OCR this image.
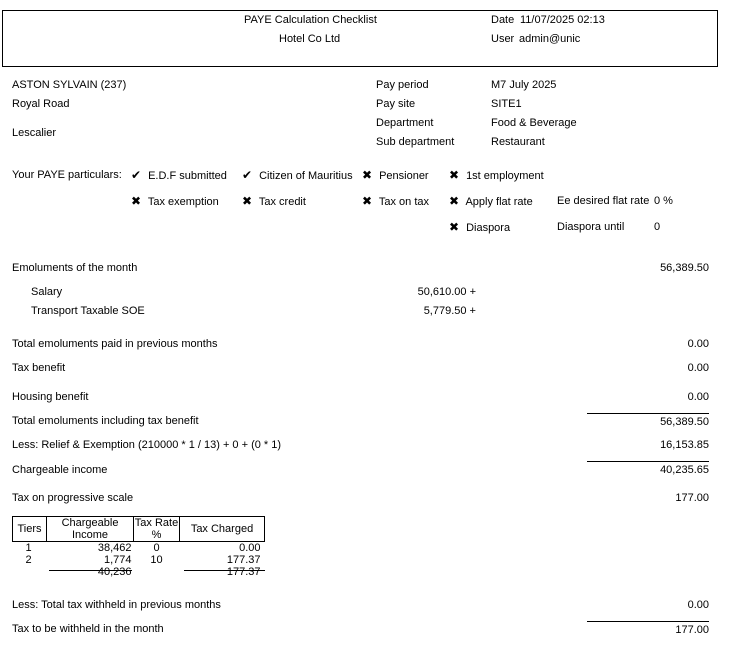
PAYE Calculation Checklist
Hotel Co Ltd
Date 11/07/2025 02:13
User admin@unic
ASTON SYLVAIN (237)
Royal Road
Lescalier
Pay period	M7 July 2025
Pay site	SITE1
Department	Food & Beverage
Sub department	Restaurant
Your PAYE particulars: ✔ E.D.F submitted ✔ Citizen of Mauritius ✖ Pensioner ✖ 1st employment
✖ Tax exemption ✖ Tax credit	✖ Tax on tax ✖ Apply flat rate Ee desired flat rate 0 %
✖ Diaspora	Diaspora until	0
Emoluments of the month	56,389.50
Salary	50,610.00 +
Transport Taxable SOE	5,779.50 +
Total emoluments paid in previous months	0.00
Tax benefit	0.00
Housing benefit	0.00
Total emoluments including tax benefit	56,389.50
Less: Relief & Exemption (210000 * 1 / 13) + 0 + (0 * 1)	16,153.85
Chargeable income	40,235.65
Tax on progressive scale	177.00
Tiers	Chargeable Income	Tax Rate %	Tax Charged
1	38,462	0	0.00
2	1,774	10	177.37
	40,236		177.37
Less: Total tax withheld in previous months	0.00
Tax to be withheld in the month	177.00
